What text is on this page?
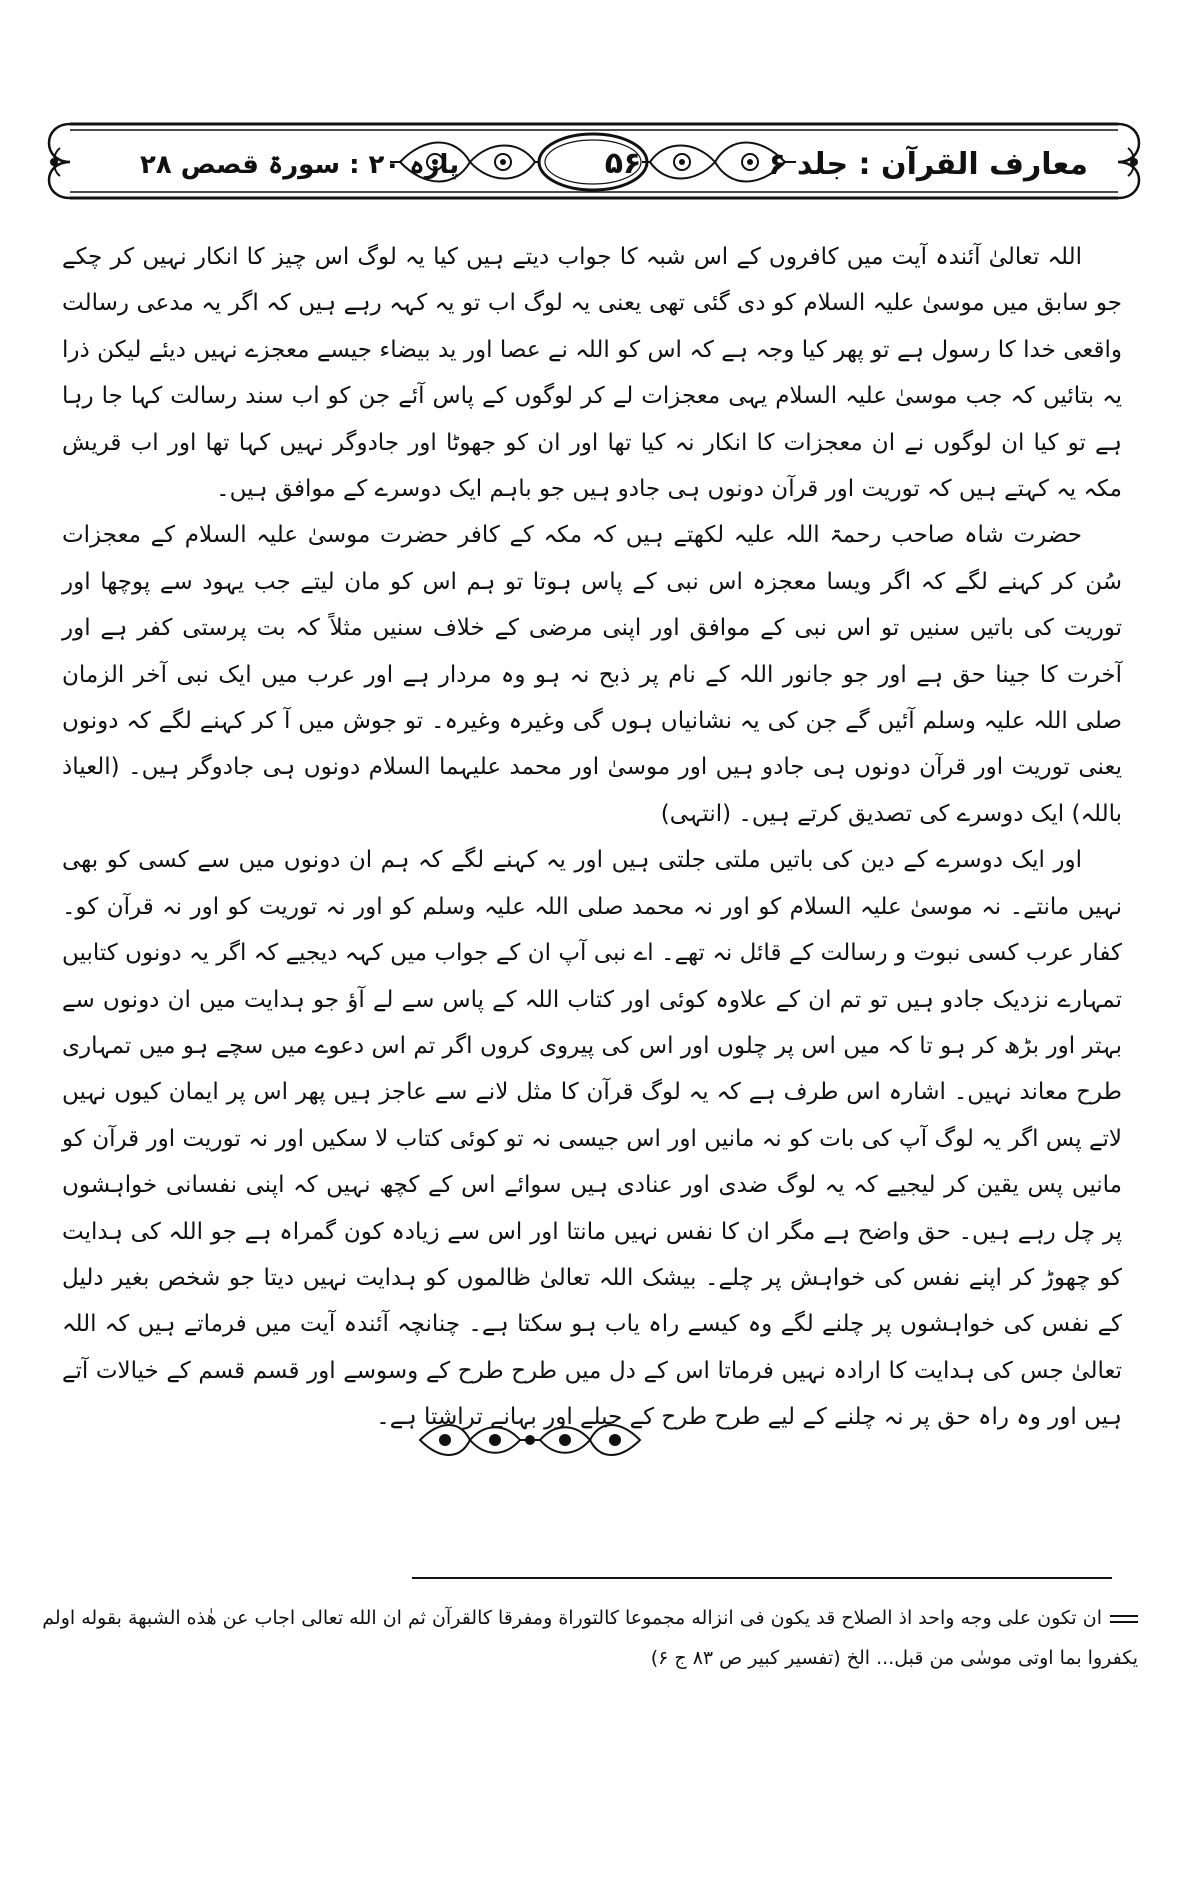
معارف القرآن : جلد ۶
۵۶
پارہ ۲۰ : سورۃ قصص ۲۸

اللہ تعالیٰ آئندہ آیت میں کافروں کے اس شبہ کا جواب دیتے ہیں کیا یہ لوگ اس چیز کا انکار نہیں کر چکے جو سابق میں موسیٰ علیہ السلام کو دی گئی تھی یعنی یہ لوگ اب تو یہ کہہ رہے ہیں کہ اگر یہ مدعی رسالت واقعی خدا کا رسول ہے تو پھر کیا وجہ ہے کہ اس کو اللہ نے عصا اور ید بیضاء جیسے معجزے نہیں دیئے لیکن ذرا یہ بتائیں کہ جب موسیٰ علیہ السلام یہی معجزات لے کر لوگوں کے پاس آئے جن کو اب سند رسالت کہا جا رہا ہے تو کیا ان لوگوں نے ان معجزات کا انکار نہ کیا تھا اور ان کو جھوٹا اور جادوگر نہیں کہا تھا اور اب قریش مکہ یہ کہتے ہیں کہ توریت اور قرآن دونوں ہی جادو ہیں جو باہم ایک دوسرے کے موافق ہیں۔

حضرت شاہ صاحب رحمۃ اللہ علیہ لکھتے ہیں کہ مکہ کے کافر حضرت موسیٰ علیہ السلام کے معجزات سُن کر کہنے لگے کہ اگر ویسا معجزہ اس نبی کے پاس ہوتا تو ہم اس کو مان لیتے جب یہود سے پوچھا اور توریت کی باتیں سنیں تو اس نبی کے موافق اور اپنی مرضی کے خلاف سنیں مثلاً کہ بت پرستی کفر ہے اور آخرت کا جینا حق ہے اور جو جانور اللہ کے نام پر ذبح نہ ہو وہ مردار ہے اور عرب میں ایک نبی آخر الزمان صلی اللہ علیہ وسلم آئیں گے جن کی یہ نشانیاں ہوں گی وغیرہ وغیرہ۔ تو جوش میں آ کر کہنے لگے کہ دونوں یعنی توریت اور قرآن دونوں ہی جادو ہیں اور موسیٰ اور محمد علیہما السلام دونوں ہی جادوگر ہیں۔ (العیاذ باللہ) ایک دوسرے کی تصدیق کرتے ہیں۔ (انتہی)

اور ایک دوسرے کے دین کی باتیں ملتی جلتی ہیں اور یہ کہنے لگے کہ ہم ان دونوں میں سے کسی کو بھی نہیں مانتے۔ نہ موسیٰ علیہ السلام کو اور نہ محمد صلی اللہ علیہ وسلم کو اور نہ توریت کو اور نہ قرآن کو۔ کفار عرب کسی نبوت و رسالت کے قائل نہ تھے۔ اے نبی آپ ان کے جواب میں کہہ دیجیے کہ اگر یہ دونوں کتابیں تمہارے نزدیک جادو ہیں تو تم ان کے علاوہ کوئی اور کتاب اللہ کے پاس سے لے آؤ جو ہدایت میں ان دونوں سے بہتر اور بڑھ کر ہو تا کہ میں اس پر چلوں اور اس کی پیروی کروں اگر تم اس دعوے میں سچے ہو میں تمہاری طرح معاند نہیں۔ اشارہ اس طرف ہے کہ یہ لوگ قرآن کا مثل لانے سے عاجز ہیں پھر اس پر ایمان کیوں نہیں لاتے پس اگر یہ لوگ آپ کی بات کو نہ مانیں اور اس جیسی نہ تو کوئی کتاب لا سکیں اور نہ توریت اور قرآن کو مانیں پس یقین کر لیجیے کہ یہ لوگ ضدی اور عنادی ہیں سوائے اس کے کچھ نہیں کہ اپنی نفسانی خواہشوں پر چل رہے ہیں۔ حق واضح ہے مگر ان کا نفس نہیں مانتا اور اس سے زیادہ کون گمراہ ہے جو اللہ کی ہدایت کو چھوڑ کر اپنے نفس کی خواہش پر چلے۔ بیشک اللہ تعالیٰ ظالموں کو ہدایت نہیں دیتا جو شخص بغیر دلیل کے نفس کی خواہشوں پر چلنے لگے وہ کیسے راہ یاب ہو سکتا ہے۔ چنانچہ آئندہ آیت میں فرماتے ہیں کہ اللہ تعالیٰ جس کی ہدایت کا ارادہ نہیں فرماتا اس کے دل میں طرح طرح کے وسوسے اور قسم قسم کے خیالات آتے ہیں اور وہ راہ حق پر نہ چلنے کے لیے طرح طرح کے حیلے اور بہانے تراشتا ہے۔

ان تکون علی وجه واحد اذ الصلاح قد یکون فی انزاله مجموعا کالتوراة ومفرقا کالقرآن ثم ان الله تعالی اجاب عن هٰذه الشبهة بقوله اولم
یکفروا بما اوتی موسٰی من قبل... الخ (تفسیر کبیر ص ۸۳ ج ۶)
